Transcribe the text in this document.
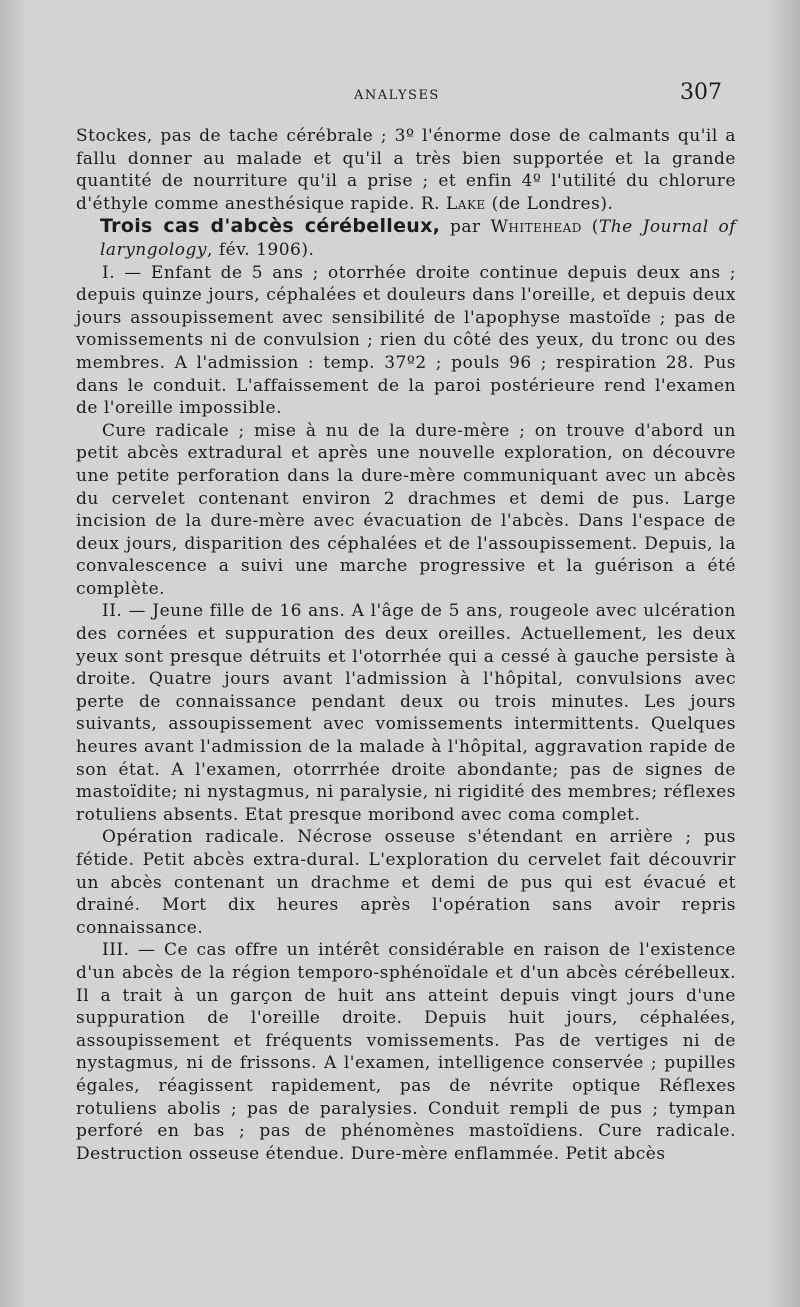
ANALYSES	307

Stockes, pas de tache cérébrale ; 3º l'énorme dose de calmants qu'il a fallu donner au malade et qu'il a très bien supportée et la grande quantité de nourriture qu'il a prise ; et enfin 4º l'utilité du chlorure d'éthyle comme anesthésique rapide. R. Lake (de Londres).

Trois cas d'abcès cérébelleux, par Whitehead (The Journal of laryngology, fév. 1906).

I. — Enfant de 5 ans ; otorrhée droite continue depuis deux ans ; depuis quinze jours, céphalées et douleurs dans l'oreille, et depuis deux jours assoupissement avec sensibilité de l'apophyse mastoïde ; pas de vomissements ni de convulsion ; rien du côté des yeux, du tronc ou des membres. A l'admission : temp. 37º2 ; pouls 96 ; respiration 28. Pus dans le conduit. L'affaissement de la paroi postérieure rend l'examen de l'oreille impossible.

Cure radicale ; mise à nu de la dure-mère ; on trouve d'abord un petit abcès extradural et après une nouvelle exploration, on découvre une petite perforation dans la dure-mère communiquant avec un abcès du cervelet contenant environ 2 drachmes et demi de pus. Large incision de la dure-mère avec évacuation de l'abcès. Dans l'espace de deux jours, disparition des céphalées et de l'assoupissement. Depuis, la convalescence a suivi une marche progressive et la guérison a été complète.

II. — Jeune fille de 16 ans. A l'âge de 5 ans, rougeole avec ulcération des cornées et suppuration des deux oreilles. Actuellement, les deux yeux sont presque détruits et l'otorrhée qui a cessé à gauche persiste à droite. Quatre jours avant l'admission à l'hôpital, convulsions avec perte de connaissance pendant deux ou trois minutes. Les jours suivants, assoupissement avec vomissements intermittents. Quelques heures avant l'admission de la malade à l'hôpital, aggravation rapide de son état. A l'examen, otorrrhée droite abondante; pas de signes de mastoïdite; ni nystagmus, ni paralysie, ni rigidité des membres; réflexes rotuliens absents. Etat presque moribond avec coma complet.

Opération radicale. Nécrose osseuse s'étendant en arrière ; pus fétide. Petit abcès extra-dural. L'exploration du cervelet fait découvrir un abcès contenant un drachme et demi de pus qui est évacué et drainé. Mort dix heures après l'opération sans avoir repris connaissance.

III. — Ce cas offre un intérêt considérable en raison de l'existence d'un abcès de la région temporo-sphénoïdale et d'un abcès cérébelleux. Il a trait à un garçon de huit ans atteint depuis vingt jours d'une suppuration de l'oreille droite. Depuis huit jours, céphalées, assoupissement et fréquents vomissements. Pas de vertiges ni de nystagmus, ni de frissons. A l'examen, intelligence conservée ; pupilles égales, réagissent rapidement, pas de névrite optique Réflexes rotuliens abolis ; pas de paralysies. Conduit rempli de pus ; tympan perforé en bas ; pas de phénomènes mastoïdiens. Cure radicale. Destruction osseuse étendue. Dure-mère enflammée. Petit abcès
